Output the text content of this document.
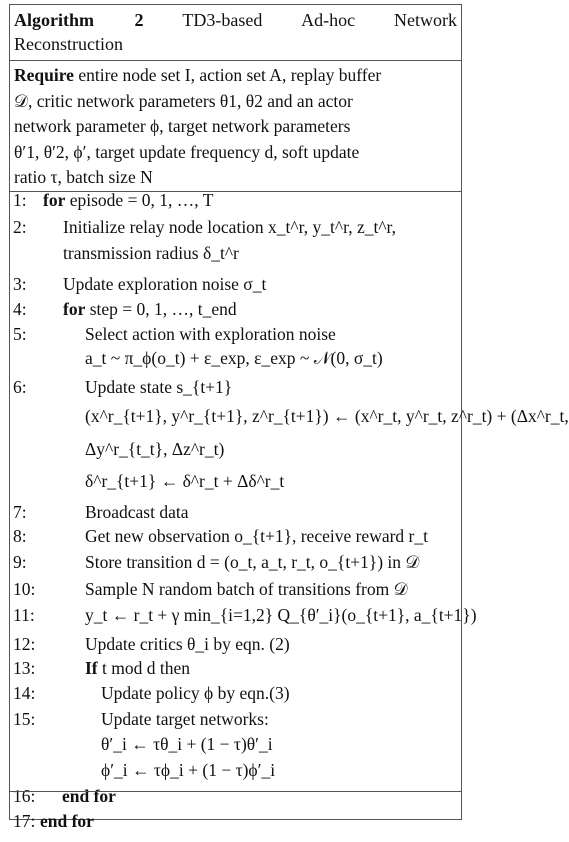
Algorithm 2 TD3-based Ad-hoc Network
Reconstruction
Require entire node set I, action set A, replay buffer
𝒟, critic network parameters θ1, θ2 and an actor
network parameter ϕ, target network parameters
θ′1, θ′2, ϕ′, target update frequency d, soft update
ratio τ, batch size N
1: for episode = 0, 1, …, T
2: Initialize relay node location x_t^r, y_t^r, z_t^r,
transmission radius δ_t^r
3: Update exploration noise σ_t
4: for step = 0, 1, …, t_end
5:	Select action with exploration noise
a_t ~ π_ϕ(o_t) + ε_exp, ε_exp ~ 𝒩(0, σ_t)
6:	Update state s_{t+1}
(x^r_{t+1}, y^r_{t+1}, z^r_{t+1}) ← (x^r_t, y^r_t, z^r_t) + (Δx^r_t,
Δy^r_{t_t}, Δz^r_t)
δ^r_{t+1} ← δ^r_t + Δδ^r_t
7:	Broadcast data
8:	Get new observation o_{t+1}, receive reward r_t
9:	Store transition d = (o_t, a_t, r_t, o_{t+1}) in 𝒟
10:	Sample N random batch of transitions from 𝒟
11:	y_t ← r_t + γ min_{i=1,2} Q_{θ′_i}(o_{t+1}, a_{t+1})
12:	Update critics θ_i by eqn. (2)
13:	If t mod d then
14:	Update policy ϕ by eqn.(3)
15:	Update target networks:
θ′_i ← τθ_i + (1 − τ)θ′_i
ϕ′_i ← τϕ_i + (1 − τ)ϕ′_i
16: end for
17: end for
